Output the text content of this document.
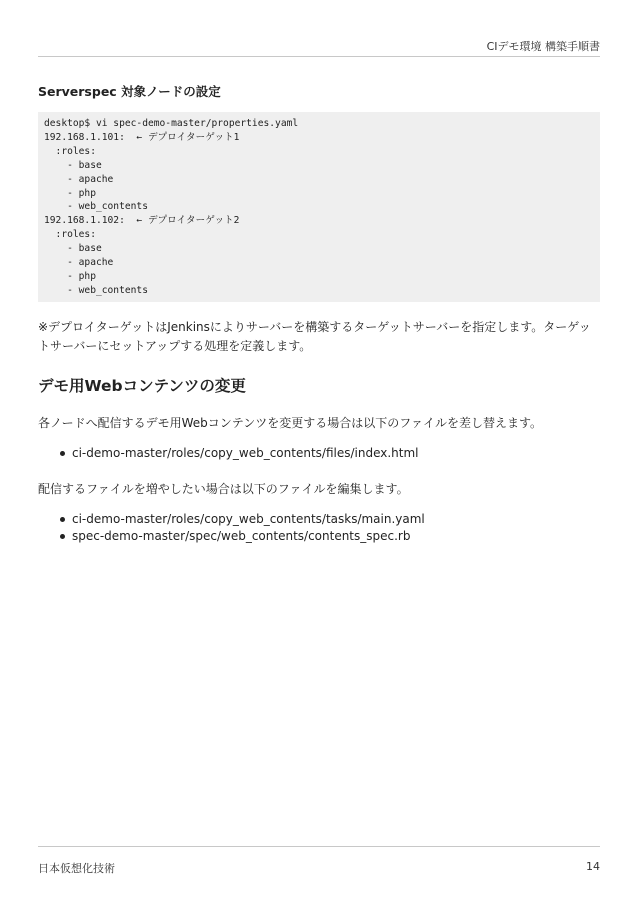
CIデモ環境 構築手順書
Serverspec 対象ノードの設定
desktop$ vi spec-demo-master/properties.yaml
192.168.1.101:  ← デプロイターゲット1
:roles:
- base
- apache
- php
- web_contents
192.168.1.102:  ← デプロイターゲット2
:roles:
- base
- apache
- php
- web_contents

※デプロイターゲットはJenkinsによりサーバーを構築するターゲットサーバーを指定します。ターゲットサーバーにセットアップする処理を定義します。

デモ用Webコンテンツの変更

各ノードへ配信するデモ用Webコンテンツを変更する場合は以下のファイルを差し替えます。

ci-demo-master/roles/copy_web_contents/files/index.html

配信するファイルを増やしたい場合は以下のファイルを編集します。

ci-demo-master/roles/copy_web_contents/tasks/main.yaml
spec-demo-master/spec/web_contents/contents_spec.rb
日本仮想化技術	14
